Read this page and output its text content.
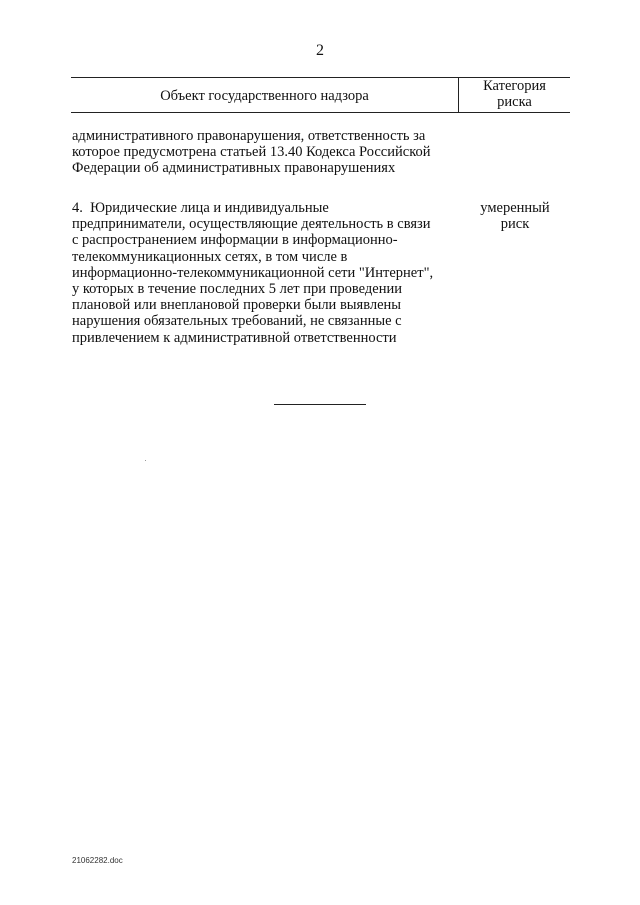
2
Объект государственного надзора
Категория
риска
административного правонарушения, ответственность за
которое предусмотрена статьей 13.40 Кодекса Российской
Федерации об административных правонарушениях
4.  Юридические лица и индивидуальные
предприниматели, осуществляющие деятельность в связи
с распространением информации в информационно-
телекоммуникационных сетях, в том числе в
информационно-телекоммуникационной сети "Интернет",
у которых в течение последних 5 лет при проведении
плановой или внеплановой проверки были выявлены
нарушения обязательных требований, не связанные с
привлечением к административной ответственности
умеренный
риск
21062282.doc
